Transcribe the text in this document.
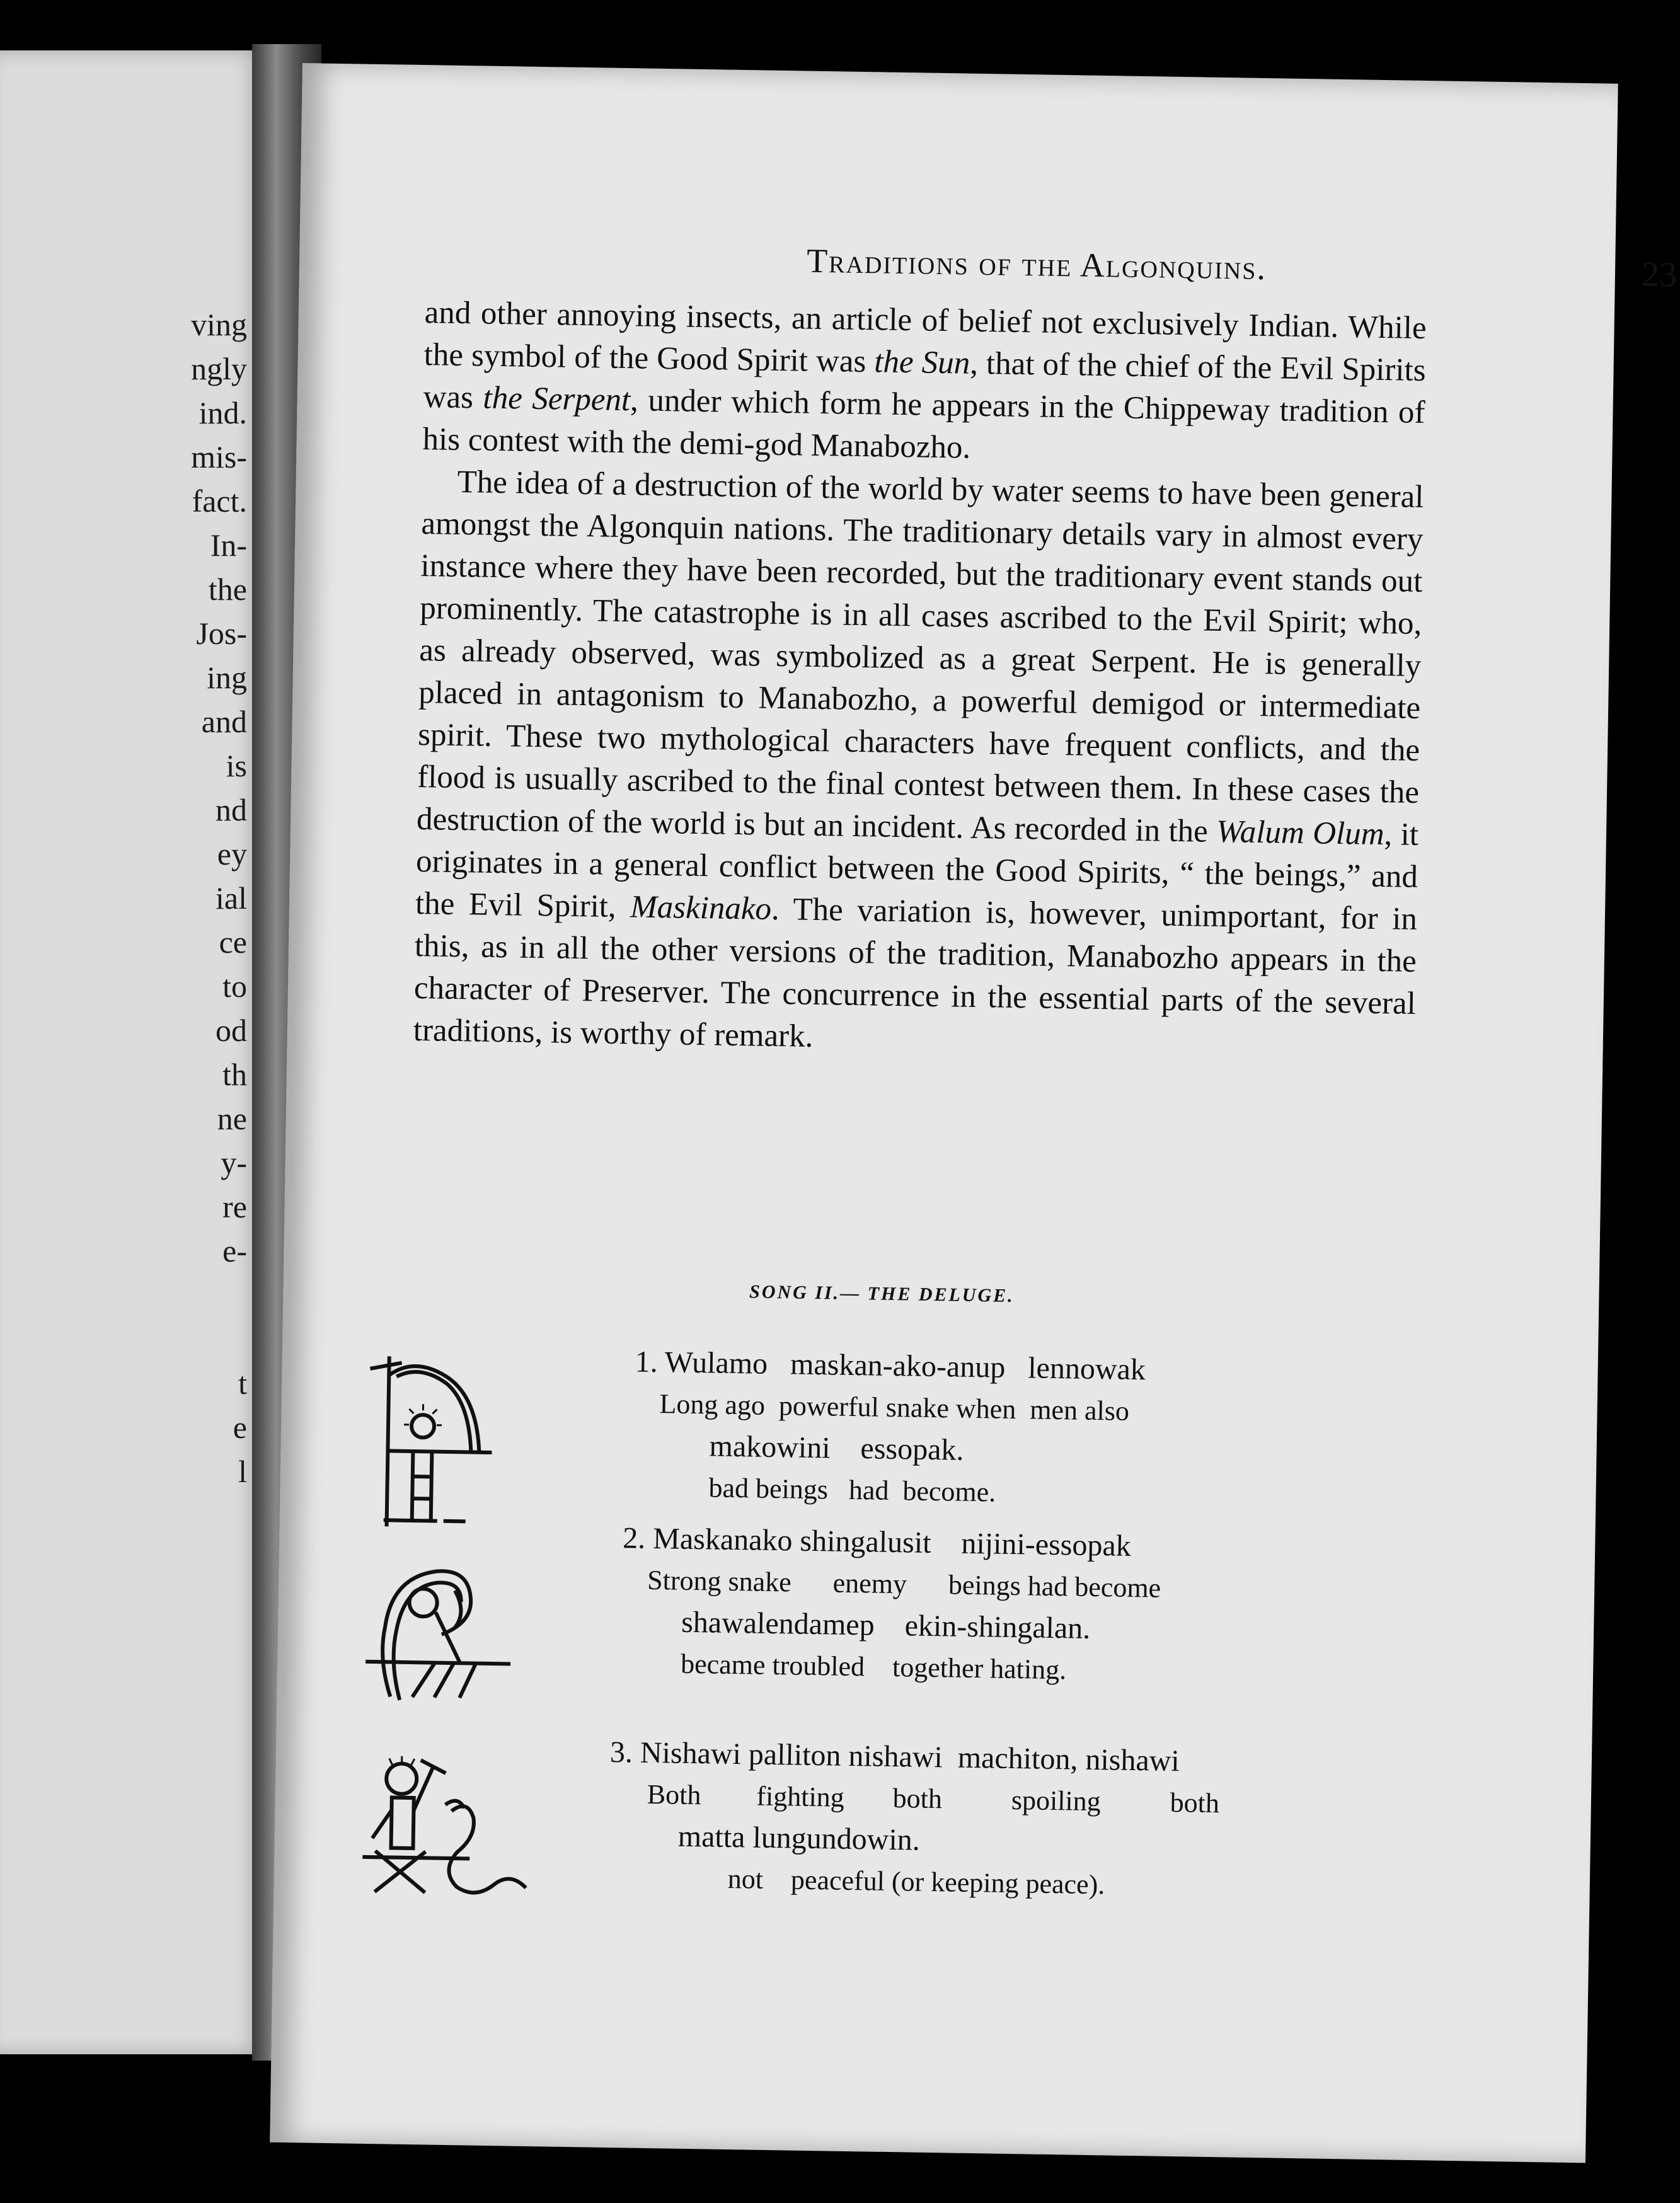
ving
ngly
ind.
mis-
fact.
In-
the
Jos-
ing
and
is
nd
ey
ial
ce
to
od
th
ne
y-
re
e-
t
e
l
Traditions of the Algonquins.	23

and other annoying insects, an article of belief not exclusively Indian. While the symbol of the Good Spirit was the Sun, that of the chief of the Evil Spirits was the Serpent, under which form he appears in the Chippeway tradition of his contest with the demi-god Manabozho.

The idea of a destruction of the world by water seems to have been general amongst the Algonquin nations. The traditionary details vary in almost every instance where they have been recorded, but the traditionary event stands out prominently. The catastrophe is in all cases ascribed to the Evil Spirit; who, as already observed, was symbolized as a great Serpent. He is generally placed in antagonism to Manabozho, a powerful demigod or intermediate spirit. These two mythological characters have frequent conflicts, and the flood is usually ascribed to the final contest between them. In these cases the destruction of the world is but an incident. As recorded in the Walum Olum, it originates in a general conflict between the Good Spirits, “ the beings,” and the Evil Spirit, Maskinako. The variation is, however, unimportant, for in this, as in all the other versions of the tradition, Manabozho appears in the character of Preserver. The concurrence in the essential parts of the several traditions, is worthy of remark.

SONG II.— THE DELUGE.
1. Wulamo   maskan-ako-anup   lennowak
Long ago  powerful snake when  men also
makowini    essopak.
bad beings   had  become.
2. Maskanako shingalusit    nijini-essopak
Strong snake      enemy      beings had become
shawalendamep    ekin-shingalan.
became troubled    together hating.
3. Nishawi palliton nishawi  machiton, nishawi
Both        fighting       both          spoiling          both
matta lungundowin.
not    peaceful (or keeping peace).
